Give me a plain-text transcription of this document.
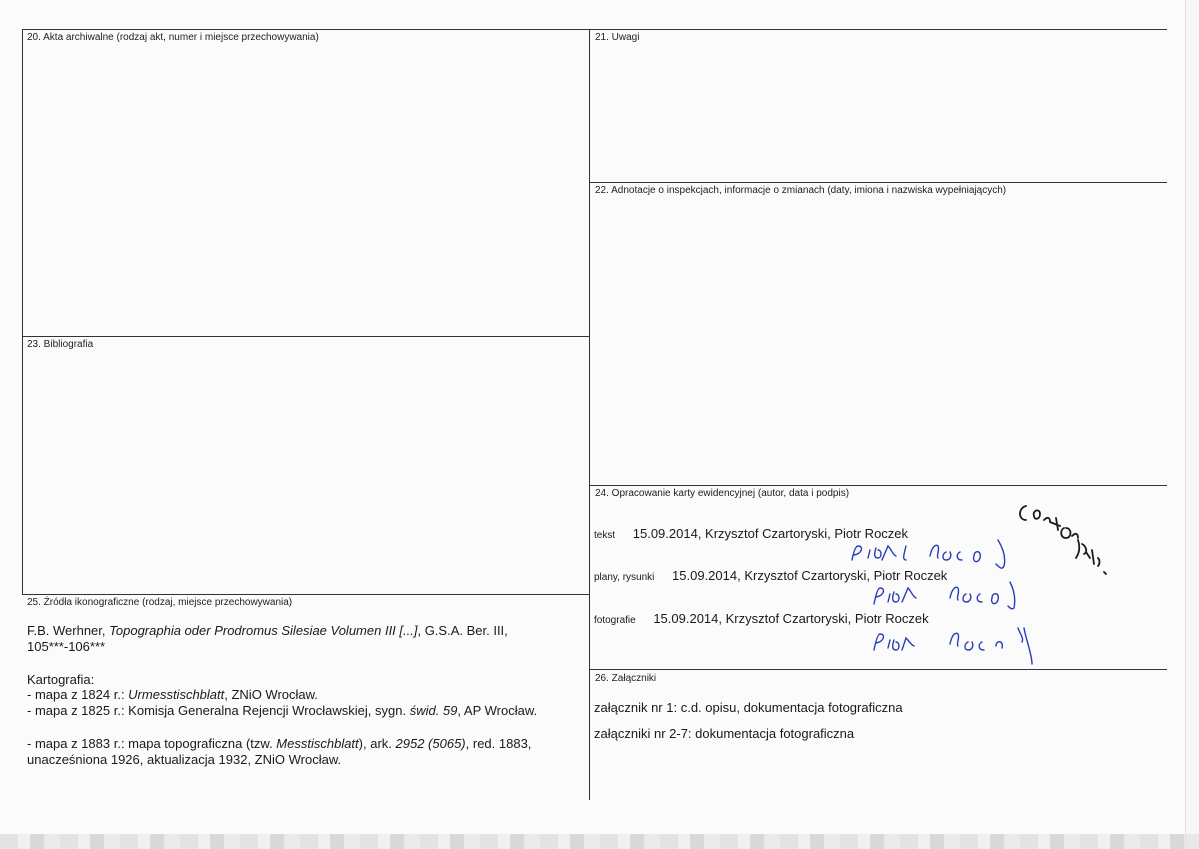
20. Akta archiwalne (rodzaj akt, numer i miejsce przechowywania)	21. Uwagi
22. Adnotacje o inspekcjach, informacje o zmianach (daty, imiona i nazwiska wypełniających)
23. Bibliografia
24. Opracowanie karty ewidencyjnej (autor, data i podpis)
25. Źródła ikonograficzne (rodzaj, miejsce przechowywania)
26. Załączniki
tekst 15.09.2014, Krzysztof Czartoryski, Piotr Roczek
plany, rysunki 15.09.2014, Krzysztof Czartoryski, Piotr Roczek
fotografie 15.09.2014, Krzysztof Czartoryski, Piotr Roczek
F.B. Werhner, Topographia oder Prodromus Silesiae Volumen III [...], G.S.A. Ber. III, 105***-106***
Kartografia:
- mapa z 1824 r.: Urmesstischblatt, ZNiO Wrocław.
- mapa z 1825 r.: Komisja Generalna Rejencji Wrocławskiej, sygn. świd. 59, AP Wrocław.
- mapa z 1883 r.: mapa topograficzna (tzw. Messtischblatt), ark. 2952 (5065), red. 1883, unacześniona 1926, aktualizacja 1932, ZNiO Wrocław.
załącznik nr 1: c.d. opisu, dokumentacja fotograficzna
załączniki nr 2-7: dokumentacja fotograficzna
